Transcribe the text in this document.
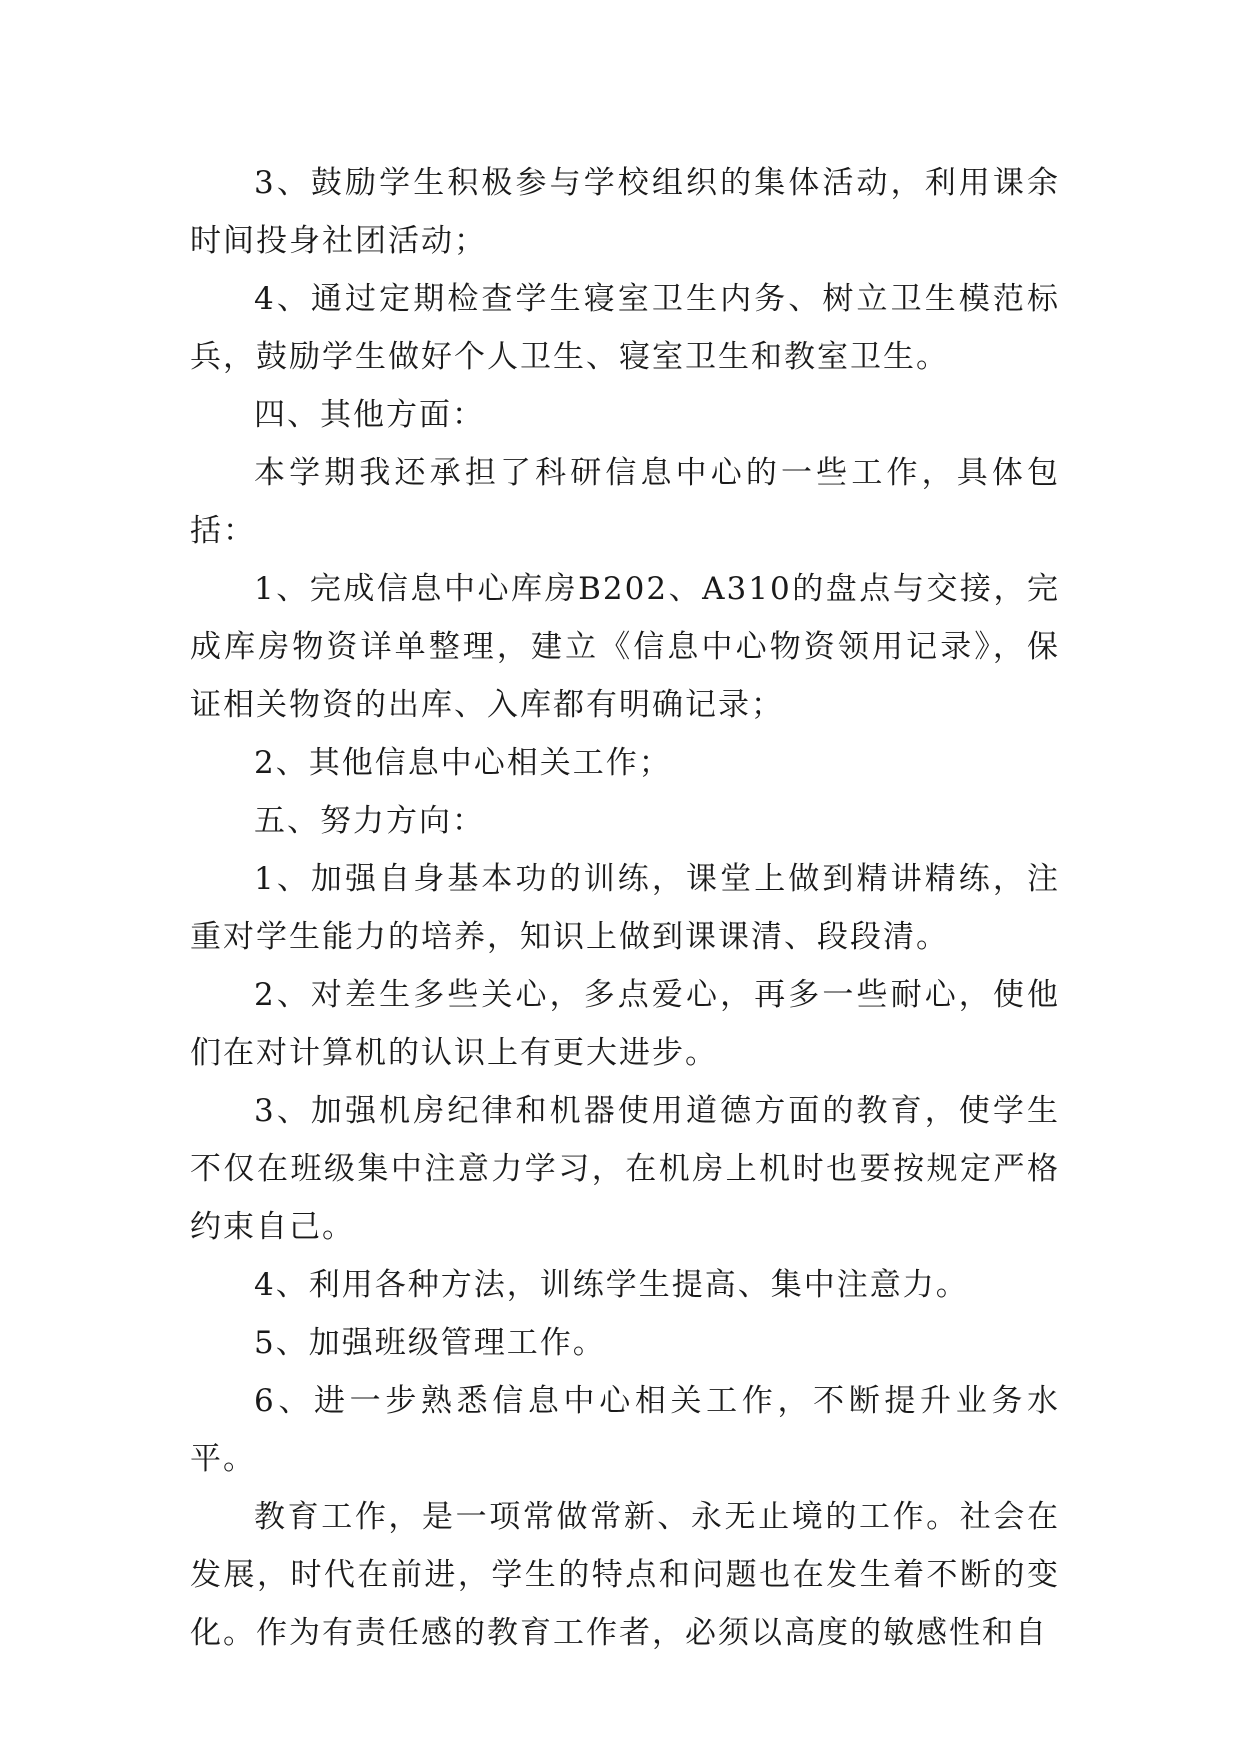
3、鼓励学生积极参与学校组织的集体活动，利用课余时间投身社团活动；

4、通过定期检查学生寝室卫生内务、树立卫生模范标兵，鼓励学生做好个人卫生、寝室卫生和教室卫生。

四、其他方面：

本学期我还承担了科研信息中心的一些工作，具体包括：

1、完成信息中心库房B202、A310的盘点与交接，完成库房物资详单整理，建立《信息中心物资领用记录》，保证相关物资的出库、入库都有明确记录；

2、其他信息中心相关工作；

五、努力方向：

1、加强自身基本功的训练，课堂上做到精讲精练，注重对学生能力的培养，知识上做到课课清、段段清。

2、对差生多些关心，多点爱心，再多一些耐心，使他们在对计算机的认识上有更大进步。

3、加强机房纪律和机器使用道德方面的教育，使学生不仅在班级集中注意力学习，在机房上机时也要按规定严格约束自己。

4、利用各种方法，训练学生提高、集中注意力。

5、加强班级管理工作。

6、进一步熟悉信息中心相关工作，不断提升业务水平。

教育工作，是一项常做常新、永无止境的工作。社会在发展，时代在前进，学生的特点和问题也在发生着不断的变化。作为有责任感的教育工作者，必须以高度的敏感性和自
